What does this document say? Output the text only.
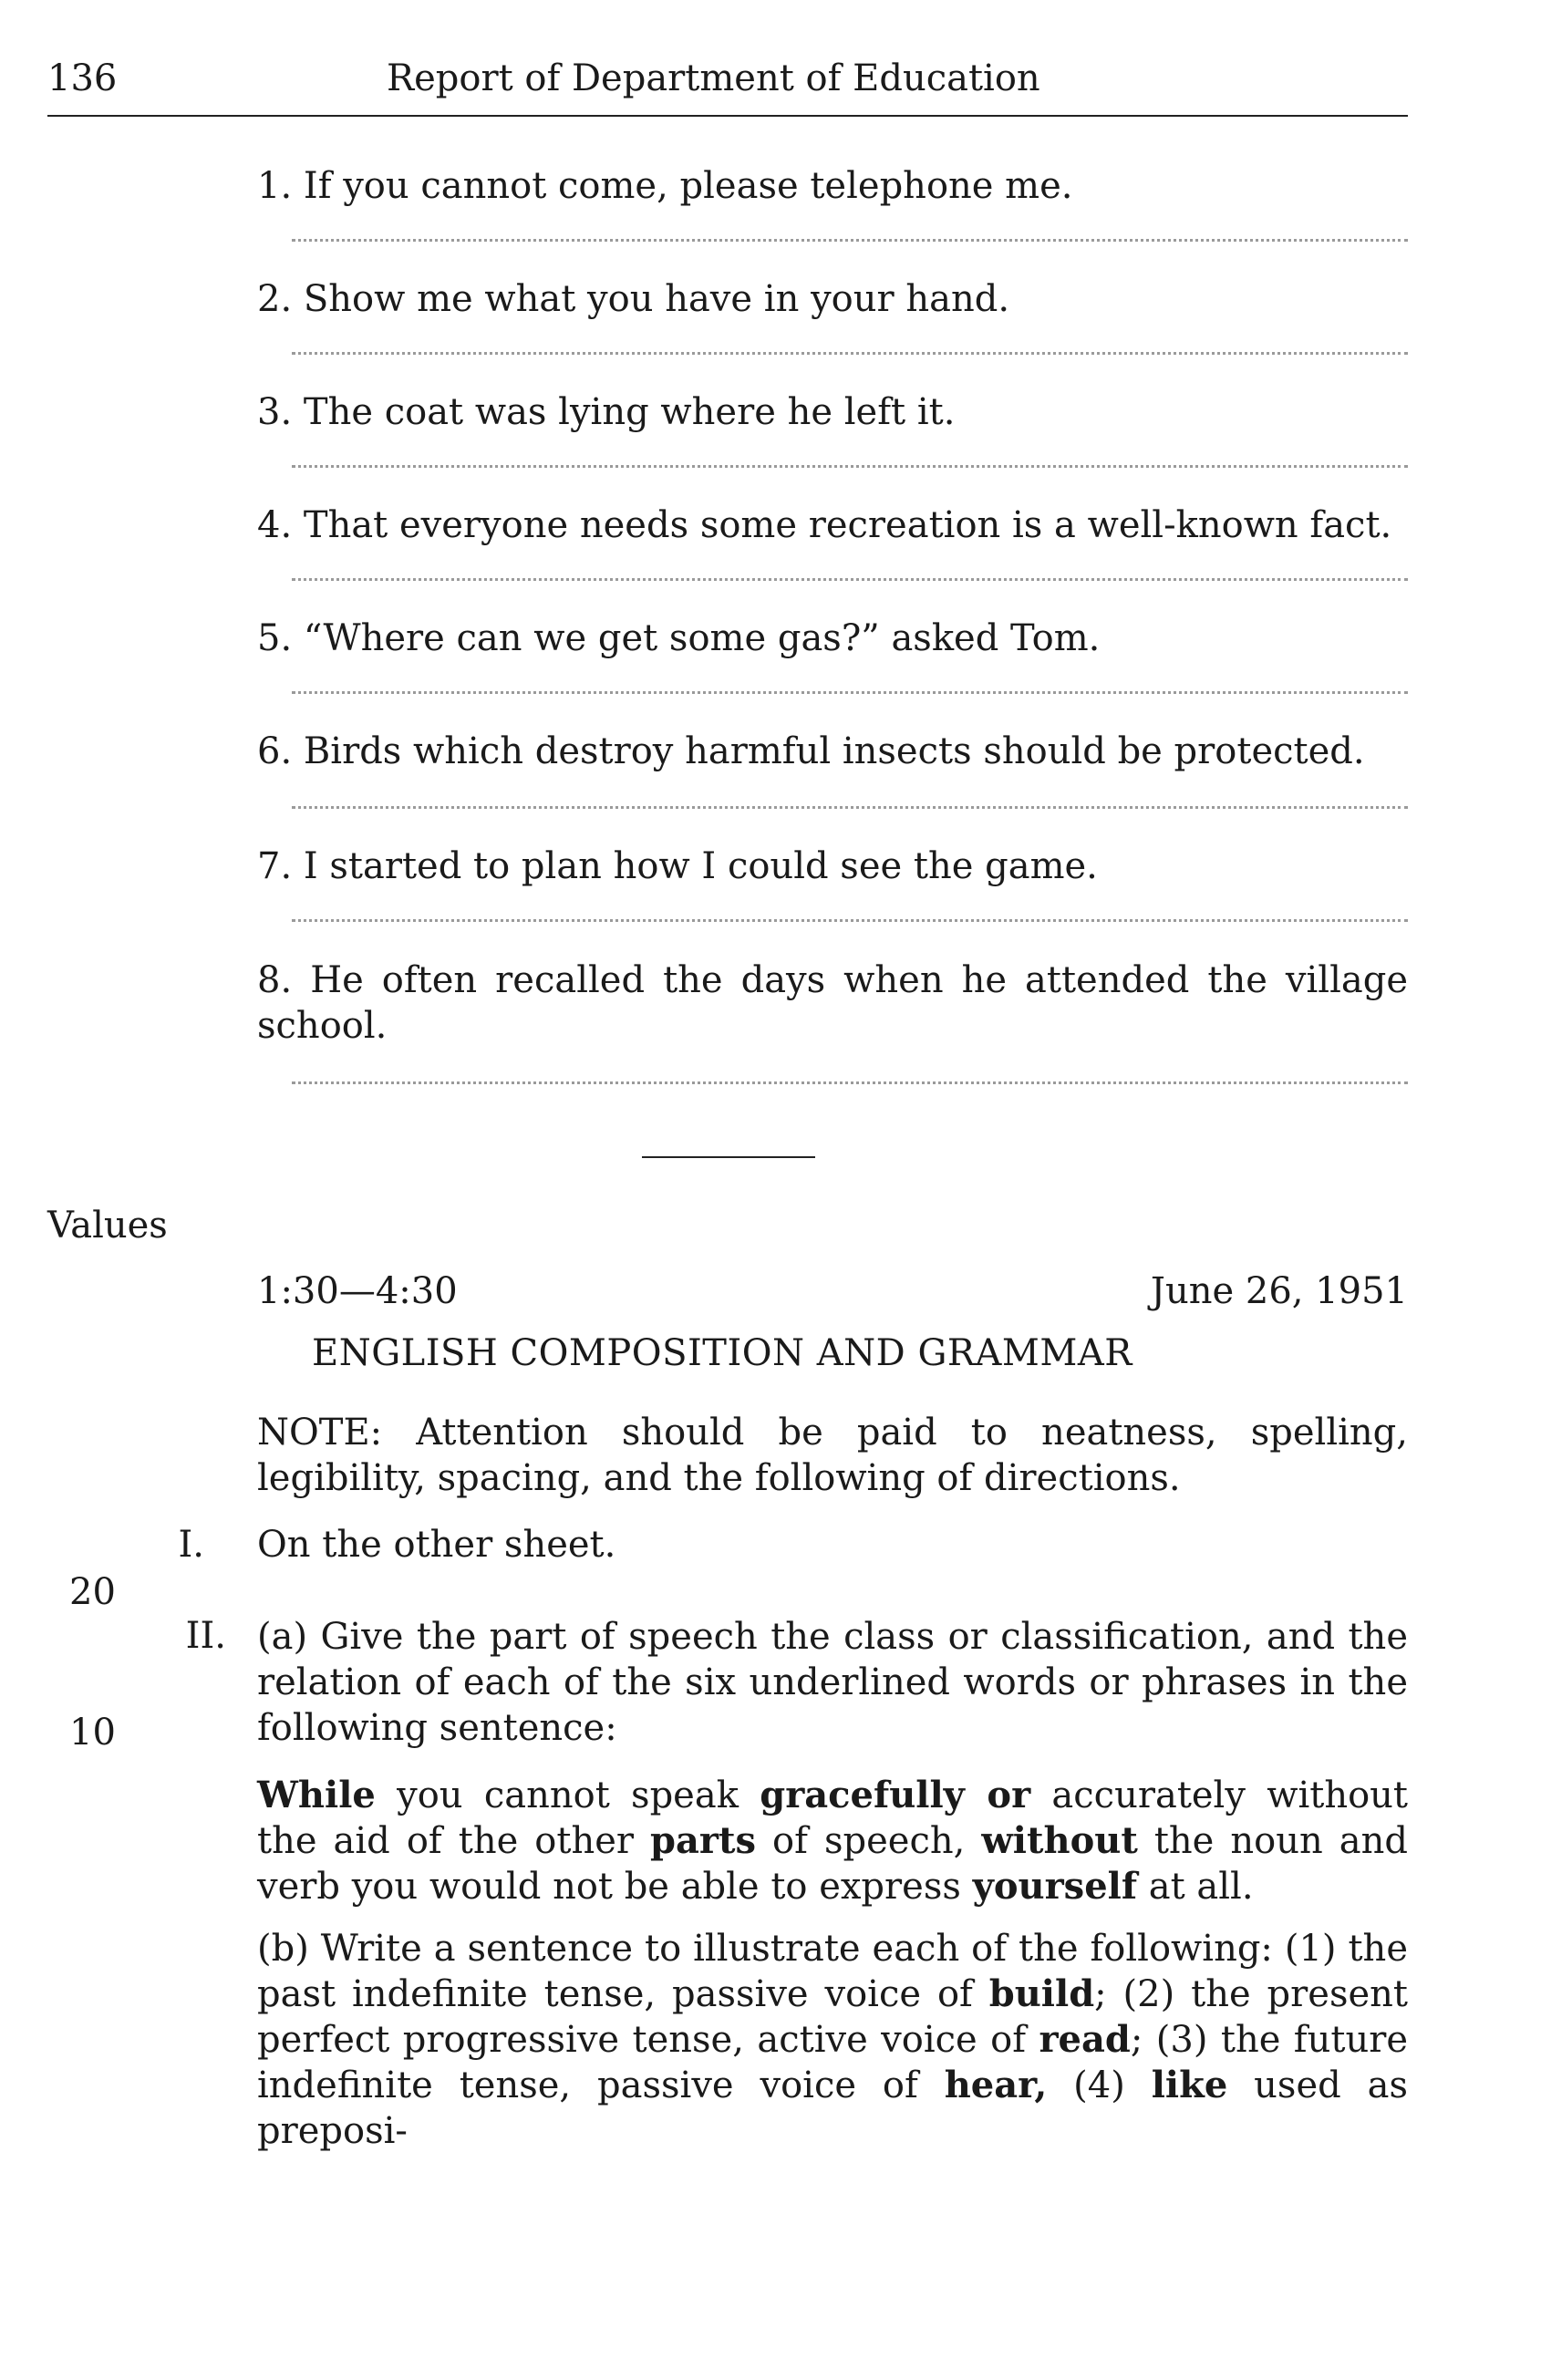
136	Report of Department of Education
1. If you cannot come, please telephone me.
2. Show me what you have in your hand.
3. The coat was lying where he left it.
4. That everyone needs some recreation is a well-known fact.
5. “Where can we get some gas?” asked Tom.
6. Birds which destroy harmful insects should be protected.
7. I started to plan how I could see the game.
8. He often recalled the days when he attended the village school.
Values
1:30—4:30	June 26, 1951
ENGLISH COMPOSITION AND GRAMMAR
NOTE: Attention should be paid to neatness, spelling, legibility, spacing, and the following of directions.
I. On the other sheet.
20
II. (a) Give the part of speech the class or classification, and the relation of each of the six underlined words or phrases in the following sentence:
10
While you cannot speak gracefully or accurately without the aid of the other parts of speech, without the noun and verb you would not be able to express yourself at all.
(b) Write a sentence to illustrate each of the following: (1) the past indefinite tense, passive voice of build; (2) the present perfect progressive tense, active voice of read; (3) the future indefinite tense, passive voice of hear, (4) like used as preposi-
